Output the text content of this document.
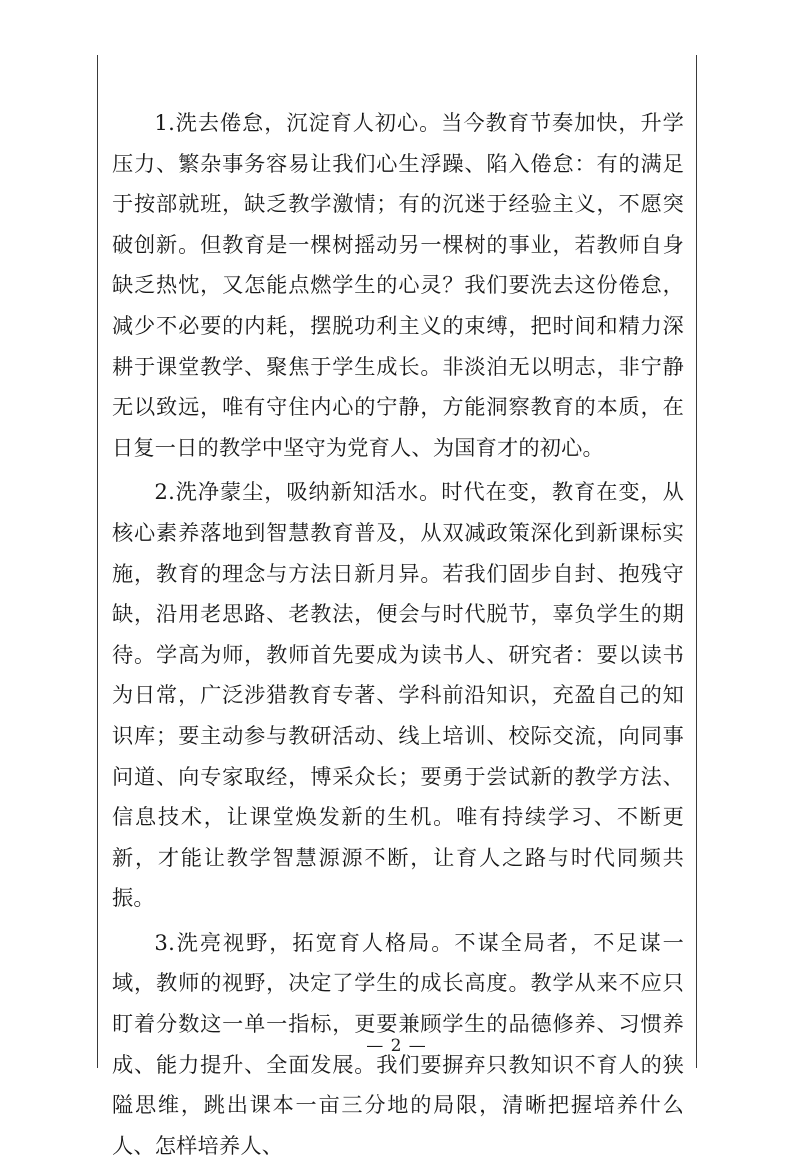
1.洗去倦怠，沉淀育人初心。当今教育节奏加快，升学压力、繁杂事务容易让我们心生浮躁、陷入倦怠：有的满足于按部就班，缺乏教学激情；有的沉迷于经验主义，不愿突破创新。但教育是一棵树摇动另一棵树的事业，若教师自身缺乏热忱，又怎能点燃学生的心灵？我们要洗去这份倦怠，减少不必要的内耗，摆脱功利主义的束缚，把时间和精力深耕于课堂教学、聚焦于学生成长。非淡泊无以明志，非宁静无以致远，唯有守住内心的宁静，方能洞察教育的本质，在日复一日的教学中坚守为党育人、为国育才的初心。

2.洗净蒙尘，吸纳新知活水。时代在变，教育在变，从核心素养落地到智慧教育普及，从双减政策深化到新课标实施，教育的理念与方法日新月异。若我们固步自封、抱残守缺，沿用老思路、老教法，便会与时代脱节，辜负学生的期待。学高为师，教师首先要成为读书人、研究者：要以读书为日常，广泛涉猎教育专著、学科前沿知识，充盈自己的知识库；要主动参与教研活动、线上培训、校际交流，向同事问道、向专家取经，博采众长；要勇于尝试新的教学方法、信息技术，让课堂焕发新的生机。唯有持续学习、不断更新，才能让教学智慧源源不断，让育人之路与时代同频共振。

3.洗亮视野，拓宽育人格局。不谋全局者，不足谋一域，教师的视野，决定了学生的成长高度。教学从来不应只盯着分数这一单一指标，更要兼顾学生的品德修养、习惯养成、能力提升、全面发展。我们要摒弃只教知识不育人的狭隘思维，跳出课本一亩三分地的局限，清晰把握培养什么人、怎样培养人、

— 2 —
